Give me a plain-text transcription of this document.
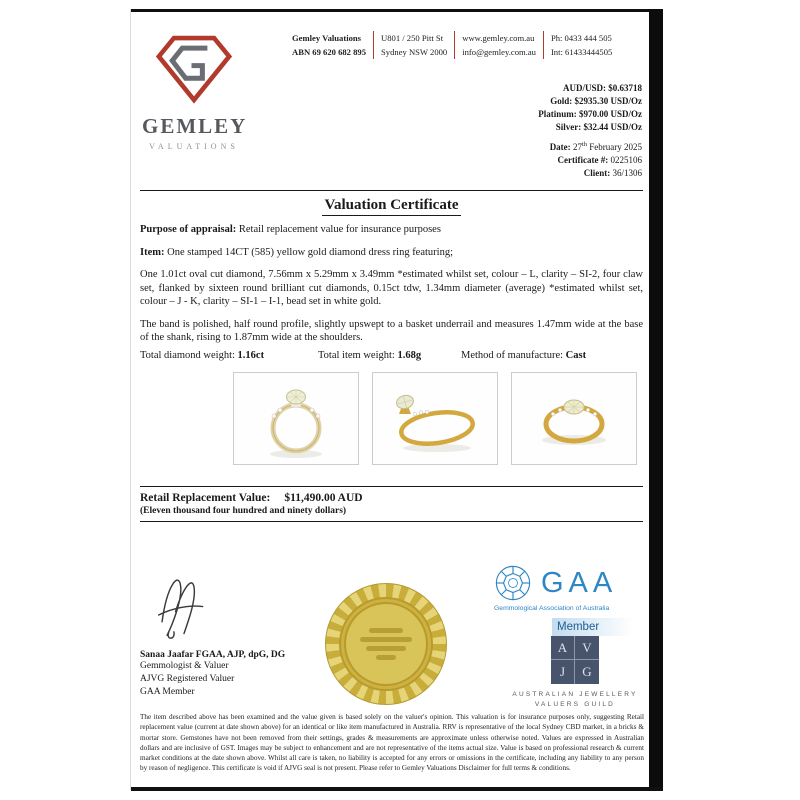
GEMLEY
VALUATIONS
Gemley Valuations
ABN 69 620 682 895
U801 / 250 Pitt St
Sydney NSW 2000
www.gemley.com.au
info@gemley.com.au
Ph: 0433 444 505
Int: 61433444505
AUD/USD: $0.63718
Gold: $2935.30 USD/Oz
Platinum: $970.00 USD/Oz
Silver: $32.44 USD/Oz
Date: 27th February 2025
Certificate #: 0225106
Client: 36/1306
Valuation Certificate

Purpose of appraisal: Retail replacement value for insurance purposes

Item: One stamped 14CT (585) yellow gold diamond dress ring featuring;

One 1.01ct oval cut diamond, 7.56mm x 5.29mm x 3.49mm *estimated whilst set, colour – L, clarity – SI-2, four claw set, flanked by sixteen round brilliant cut diamonds, 0.15ct tdw, 1.34mm diameter (average) *estimated whilst set, colour – J - K, clarity – SI-1 – I-1, bead set in white gold.

The band is polished, half round profile, slightly upswept to a basket underrail and measures 1.47mm wide at the base of the shank, rising to 1.87mm wide at the shoulders.

Total diamond weight: 1.16ct	Total item weight: 1.68g	Method of manufacture: Cast
Retail Replacement Value: $11,490.00 AUD
(Eleven thousand four hundred and ninety dollars)
Sanaa Jaafar FGAA, AJP, dpG, DG
Gemmologist & Valuer
AJVG Registered Valuer
GAA Member
GAA
Gemmological Association of Australia
Member
A	V
J	G
AUSTRALIAN JEWELLERY
VALUERS GUILD
The item described above has been examined and the value given is based solely on the valuer's opinion. This valuation is for insurance purposes only, suggesting Retail replacement value (current at date shown above) for an identical or like item manufactured in Australia. RRV is representative of the local Sydney CBD market, in a bricks & mortar store. Gemstones have not been removed from their settings, grades & measurements are approximate unless otherwise noted. Values are expressed in Australian dollars and are inclusive of GST. Images may be subject to enhancement and are not representative of the items actual size. Value is based on professional research & current market conditions at the date shown above. Whilst all care is taken, no liability is accepted for any errors or omissions in the certificate, including any liability to any person by reason of negligence. This certificate is void if AJVG seal is not present. Please refer to Gemley Valuations Disclaimer for full terms & conditions.
